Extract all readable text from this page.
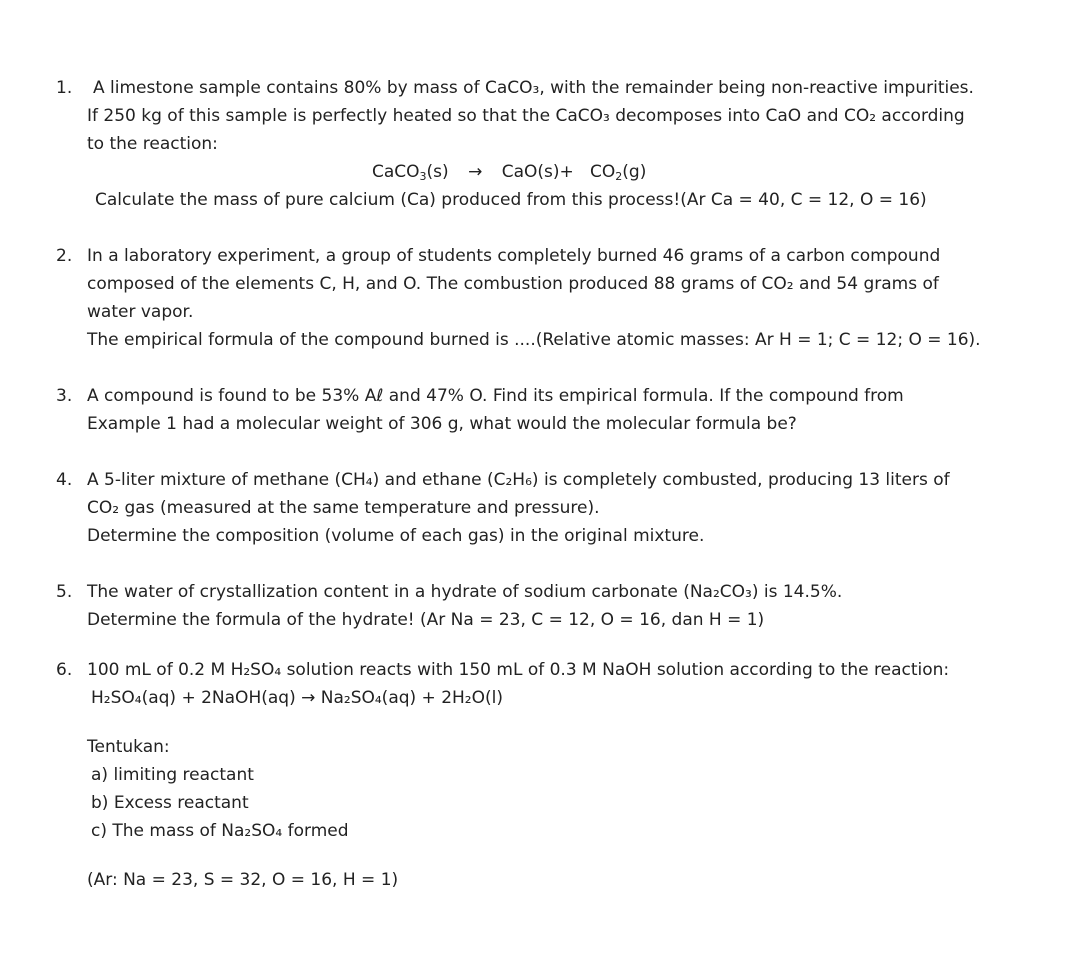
1. A limestone sample contains 80% by mass of CaCO₃, with the remainder being non-reactive impurities.
If 250 kg of this sample is perfectly heated so that the CaCO₃ decomposes into CaO and CO₂ according
to the reaction:
CaCO$_3$(s) → $CaO(s)+ CO_2(g)$
Calculate the mass of pure calcium (Ca) produced from this process!(Ar Ca = 40, C = 12, O = 16)
2. In a laboratory experiment, a group of students completely burned 46 grams of a carbon compound
composed of the elements C, H, and O. The combustion produced 88 grams of CO₂ and 54 grams of
water vapor.
The empirical formula of the compound burned is ....(Relative atomic masses: Ar H = 1; C = 12; O = 16).
3. A compound is found to be 53% Aℓ and 47% O. Find its empirical formula. If the compound from
Example 1 had a molecular weight of 306 g, what would the molecular formula be?
4. A 5-liter mixture of methane (CH₄) and ethane (C₂H₆) is completely combusted, producing 13 liters of
CO₂ gas (measured at the same temperature and pressure).
Determine the composition (volume of each gas) in the original mixture.
5. The water of crystallization content in a hydrate of sodium carbonate (Na₂CO₃) is 14.5%.
Determine the formula of the hydrate! (Ar Na = 23, C = 12, O = 16, dan H = 1)
6. 100 mL of 0.2 M H₂SO₄ solution reacts with 150 mL of 0.3 M NaOH solution according to the reaction:
H₂SO₄(aq) + 2NaOH(aq) → Na₂SO₄(aq) + 2H₂O(l)
Tentukan:
a) limiting reactant
b) Excess reactant
c) The mass of Na₂SO₄ formed
(Ar: Na = 23, S = 32, O = 16, H = 1)
